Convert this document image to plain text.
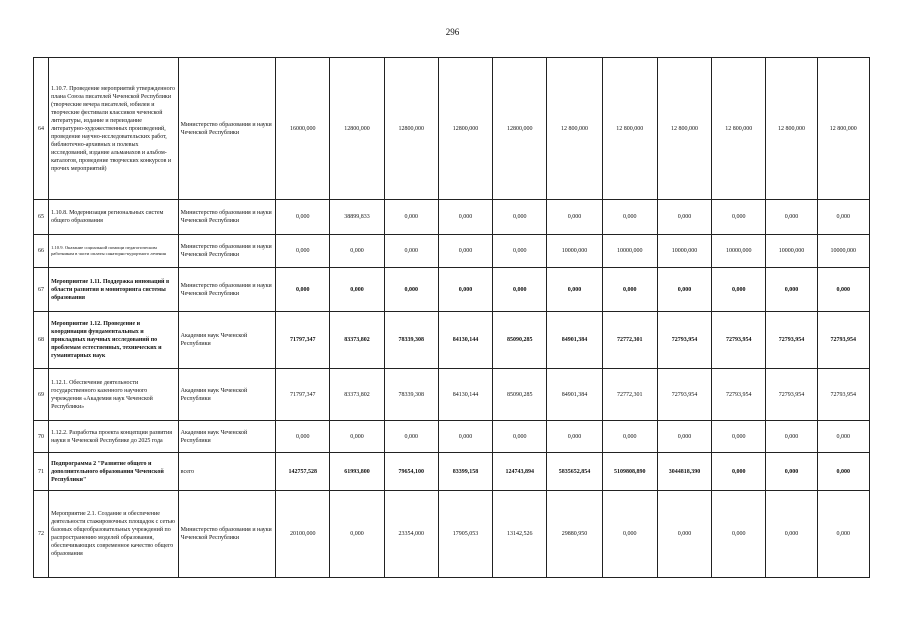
296
64	1.10.7. Проведение мероприятий утвержденного плана Союза писателей Чеченской Республики (творческие вечера писателей, юбилеи и творческие фестивали классиков чеченской литературы, издание и переиздание литературно-художественных произведений, проведение научно-исследовательских работ, библиотечно-архивных и полевых исследований, издание альманахов и альбом-каталогов, проведение творческих конкурсов и прочих мероприятий)	Министерство образования и науки Чеченской Республики	16000,000	12800,000	12800,000	12800,000	12800,000	12 800,000	12 800,000	12 800,000	12 800,000	12 800,000	12 800,000
65	1.10.8. Модернизация региональных систем общего образования	Министерство образования и науки Чеченской Республики	0,000	38899,833	0,000	0,000	0,000	0,000	0,000	0,000	0,000	0,000	0,000
66	1.10.9. Оказание социальной помощи педагогическим работникам в части оплаты санаторно-курортного лечения	Министерство образования и науки Чеченской Республики	0,000	0,000	0,000	0,000	0,000	10000,000	10000,000	10000,000	10000,000	10000,000	10000,000
67	Мероприятие 1.11. Поддержка инноваций в области развития и мониторинга системы образования	Министерство образования и науки Чеченской Республики	0,000	0,000	0,000	0,000	0,000	0,000	0,000	0,000	0,000	0,000	0,000
68	Мероприятие 1.12. Проведение и координация фундаментальных и прикладных научных исследований по проблемам естественных, технических и гуманитарных наук	Академия наук Чеченской Республики	71797,347	83373,802	78339,308	84130,144	85090,285	84901,384	72772,301	72793,954	72793,954	72793,954	72793,954
69	1.12.1. Обеспечение деятельности государственного казенного научного учреждения «Академия наук Чеченской Республики»	Академия наук Чеченской Республики	71797,347	83373,802	78339,308	84130,144	85090,285	84901,384	72772,301	72793,954	72793,954	72793,954	72793,954
70	1.12.2. Разработка проекта концепции развития науки в Чеченской Республике до 2025 года	Академия наук Чеченской Республики	0,000	0,000	0,000	0,000	0,000	0,000	0,000	0,000	0,000	0,000	0,000
71	Подпрограмма 2 "Развитие общего и дополнительного образования Чеченской Республики"	всего	142757,528	61993,800	79654,100	83399,158	124743,894	5835652,854	5109808,890	3044818,390	0,000	0,000	0,000
72	Мероприятие 2.1. Создание и обеспечение деятельности стажировочных площадок с сетью базовых общеобразовательных учреждений по распространению моделей образования, обеспечивающих современное качество общего образования	Министерство образования и науки Чеченской Республики	20100,000	0,000	23354,000	17905,053	13142,526	29880,950	0,000	0,000	0,000	0,000	0,000
